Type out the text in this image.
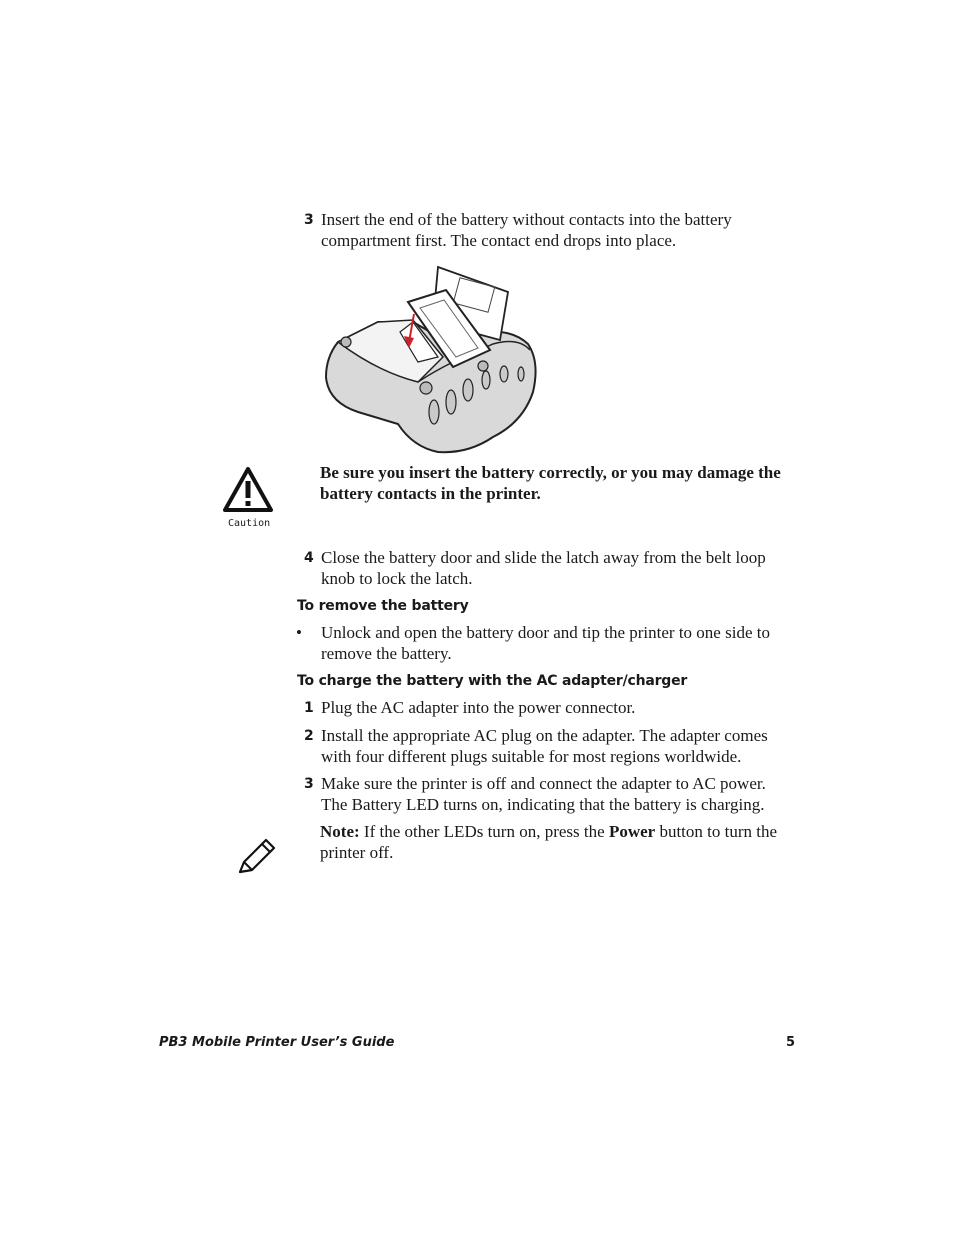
3 Insert the end of the battery without contacts into the battery compartment first. The contact end drops into place.
Caution
Be sure you insert the battery correctly, or you may damage the battery contacts in the printer.
4 Close the battery door and slide the latch away from the belt loop knob to lock the latch.
To remove the battery
•	Unlock and open the battery door and tip the printer to one side to remove the battery.
To charge the battery with the AC adapter/charger
1 Plug the AC adapter into the power connector.
2 Install the appropriate AC plug on the adapter. The adapter comes with four different plugs suitable for most regions worldwide.
3 Make sure the printer is off and connect the adapter to AC power. The Battery LED turns on, indicating that the battery is charging.
Note: If the other LEDs turn on, press the Power button to turn the printer off.
PB3 Mobile Printer User’s Guide	5
